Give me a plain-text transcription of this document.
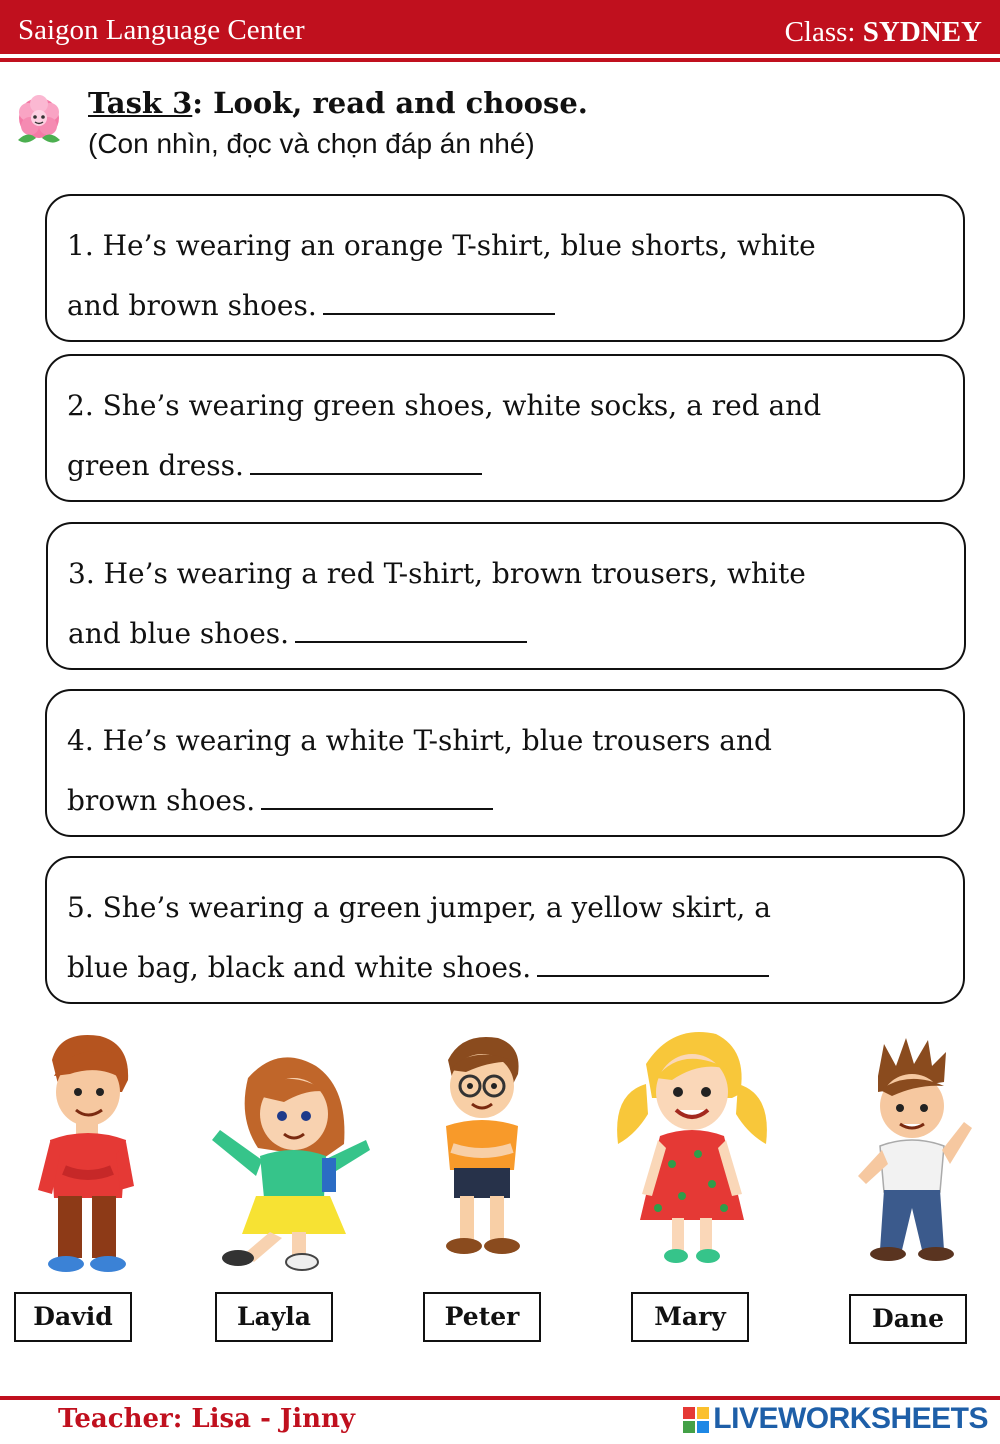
Saigon Language Center	Class: SYDNEY
Task 3: Look, read and choose.
(Con nhìn, đọc và chọn đáp án nhé)
1. He’s wearing an orange T-shirt, blue shorts, white
and brown shoes.
2. She’s wearing green shoes, white socks, a red and
green dress.
3. He’s wearing a red T-shirt, brown trousers, white
and blue shoes.
4. He’s wearing a white T-shirt, blue trousers and
brown shoes.
5. She’s wearing a green jumper, a yellow skirt, a
blue bag, black and white shoes.
David	Layla	Peter	Mary	Dane
Teacher: Lisa - Jinny	LIVEWORKSHEETS
